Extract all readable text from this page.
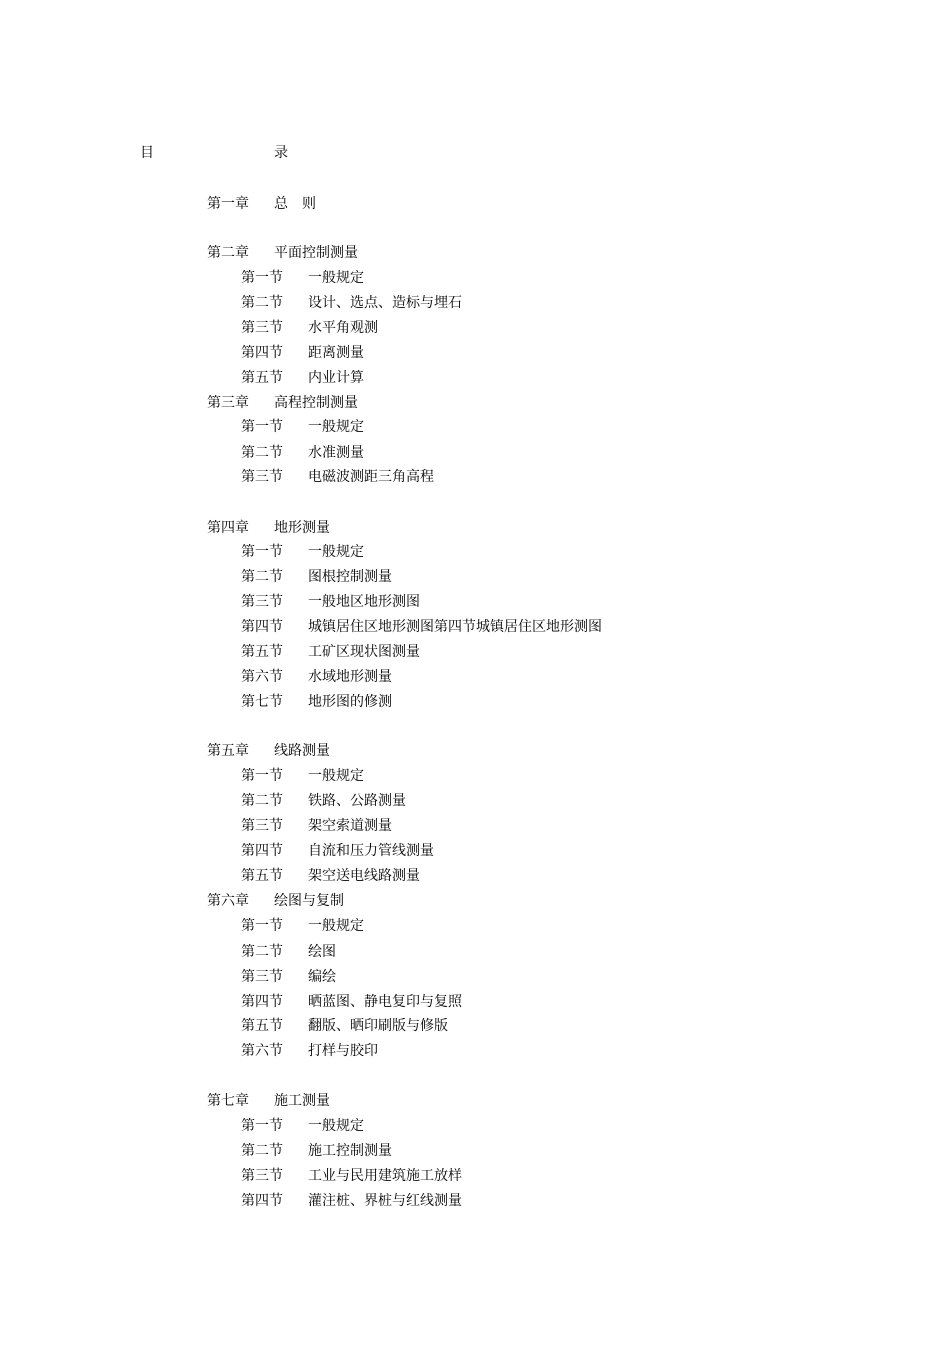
目	录
第一章 总　则
第二章 平面控制测量
第一节 一般规定
第二节 设计、选点、造标与埋石
第三节 水平角观测
第四节 距离测量
第五节 内业计算
第三章 高程控制测量
第一节 一般规定
第二节 水准测量
第三节 电磁波测距三角高程
第四章 地形测量
第一节 一般规定
第二节 图根控制测量
第三节 一般地区地形测图
第四节 城镇居住区地形测图第四节城镇居住区地形测图
第五节 工矿区现状图测量
第六节 水域地形测量
第七节 地形图的修测
第五章 线路测量
第一节 一般规定
第二节 铁路、公路测量
第三节 架空索道测量
第四节 自流和压力管线测量
第五节 架空送电线路测量
第六章 绘图与复制
第一节 一般规定
第二节 绘图
第三节 编绘
第四节 晒蓝图、静电复印与复照
第五节 翻版、晒印刷版与修版
第六节 打样与胶印
第七章 施工测量
第一节 一般规定
第二节 施工控制测量
第三节 工业与民用建筑施工放样
第四节 灌注桩、界桩与红线测量
